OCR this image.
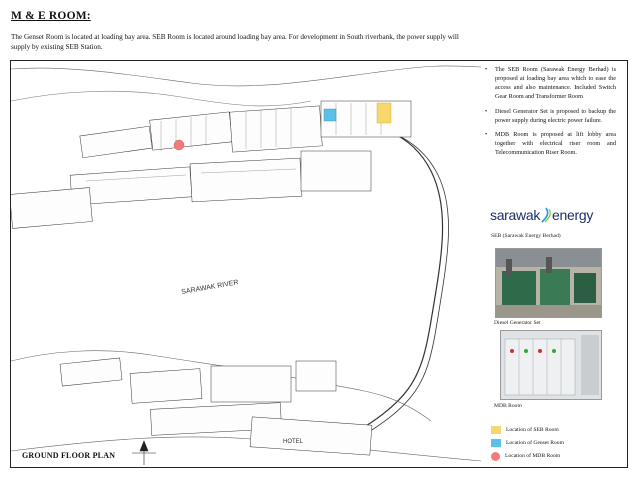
M & E ROOM:
The Genset Room is located at loading bay area. SEB Room is located around loading bay area. For development in South riverbank, the power supply will supply by existing SEB Station.
SARAWAK RIVER
HOTEL
• The SEB Room (Sarawak Energy Berhad) is proposed at loading bay area which to ease the access and also maintenance. Included Switch Gear Room and Transformer Room
• Diesel Generator Set is proposed to backup the power supply during electric power failure.
• MDB Room is proposed at lift lobby area together with electrical riser room and Telecommunication Riser Room.
sarawak energy
SEB (Sarawak Energy Berhad)
Diesel Generator Set
MDB Room
Location of SEB Room
Location of Genset Room
Location of MDB Room
GROUND FLOOR PLAN
